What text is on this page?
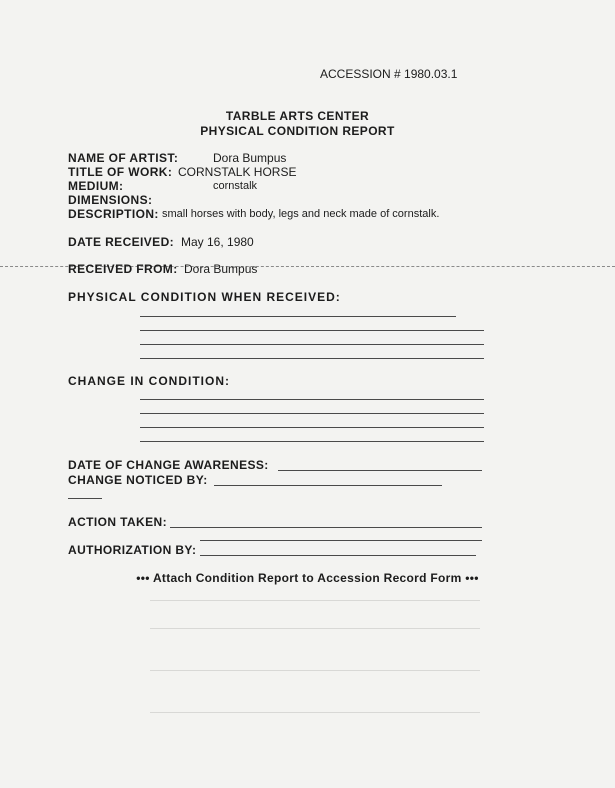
ACCESSION # 1980.03.1
TARBLE ARTS CENTER
PHYSICAL CONDITION REPORT
NAME OF ARTIST:	Dora Bumpus
TITLE OF WORK: CORNSTALK HORSE
MEDIUM:	cornstalk
DIMENSIONS:
DESCRIPTION: small horses with body, legs and neck made of cornstalk.
DATE RECEIVED: May 16, 1980
RECEIVED FROM: Dora Bumpus
PHYSICAL CONDITION WHEN RECEIVED:
CHANGE IN CONDITION:
DATE OF CHANGE AWARENESS:
CHANGE NOTICED BY:
ACTION TAKEN:
AUTHORIZATION BY:
••• Attach Condition Report to Accession Record Form •••
